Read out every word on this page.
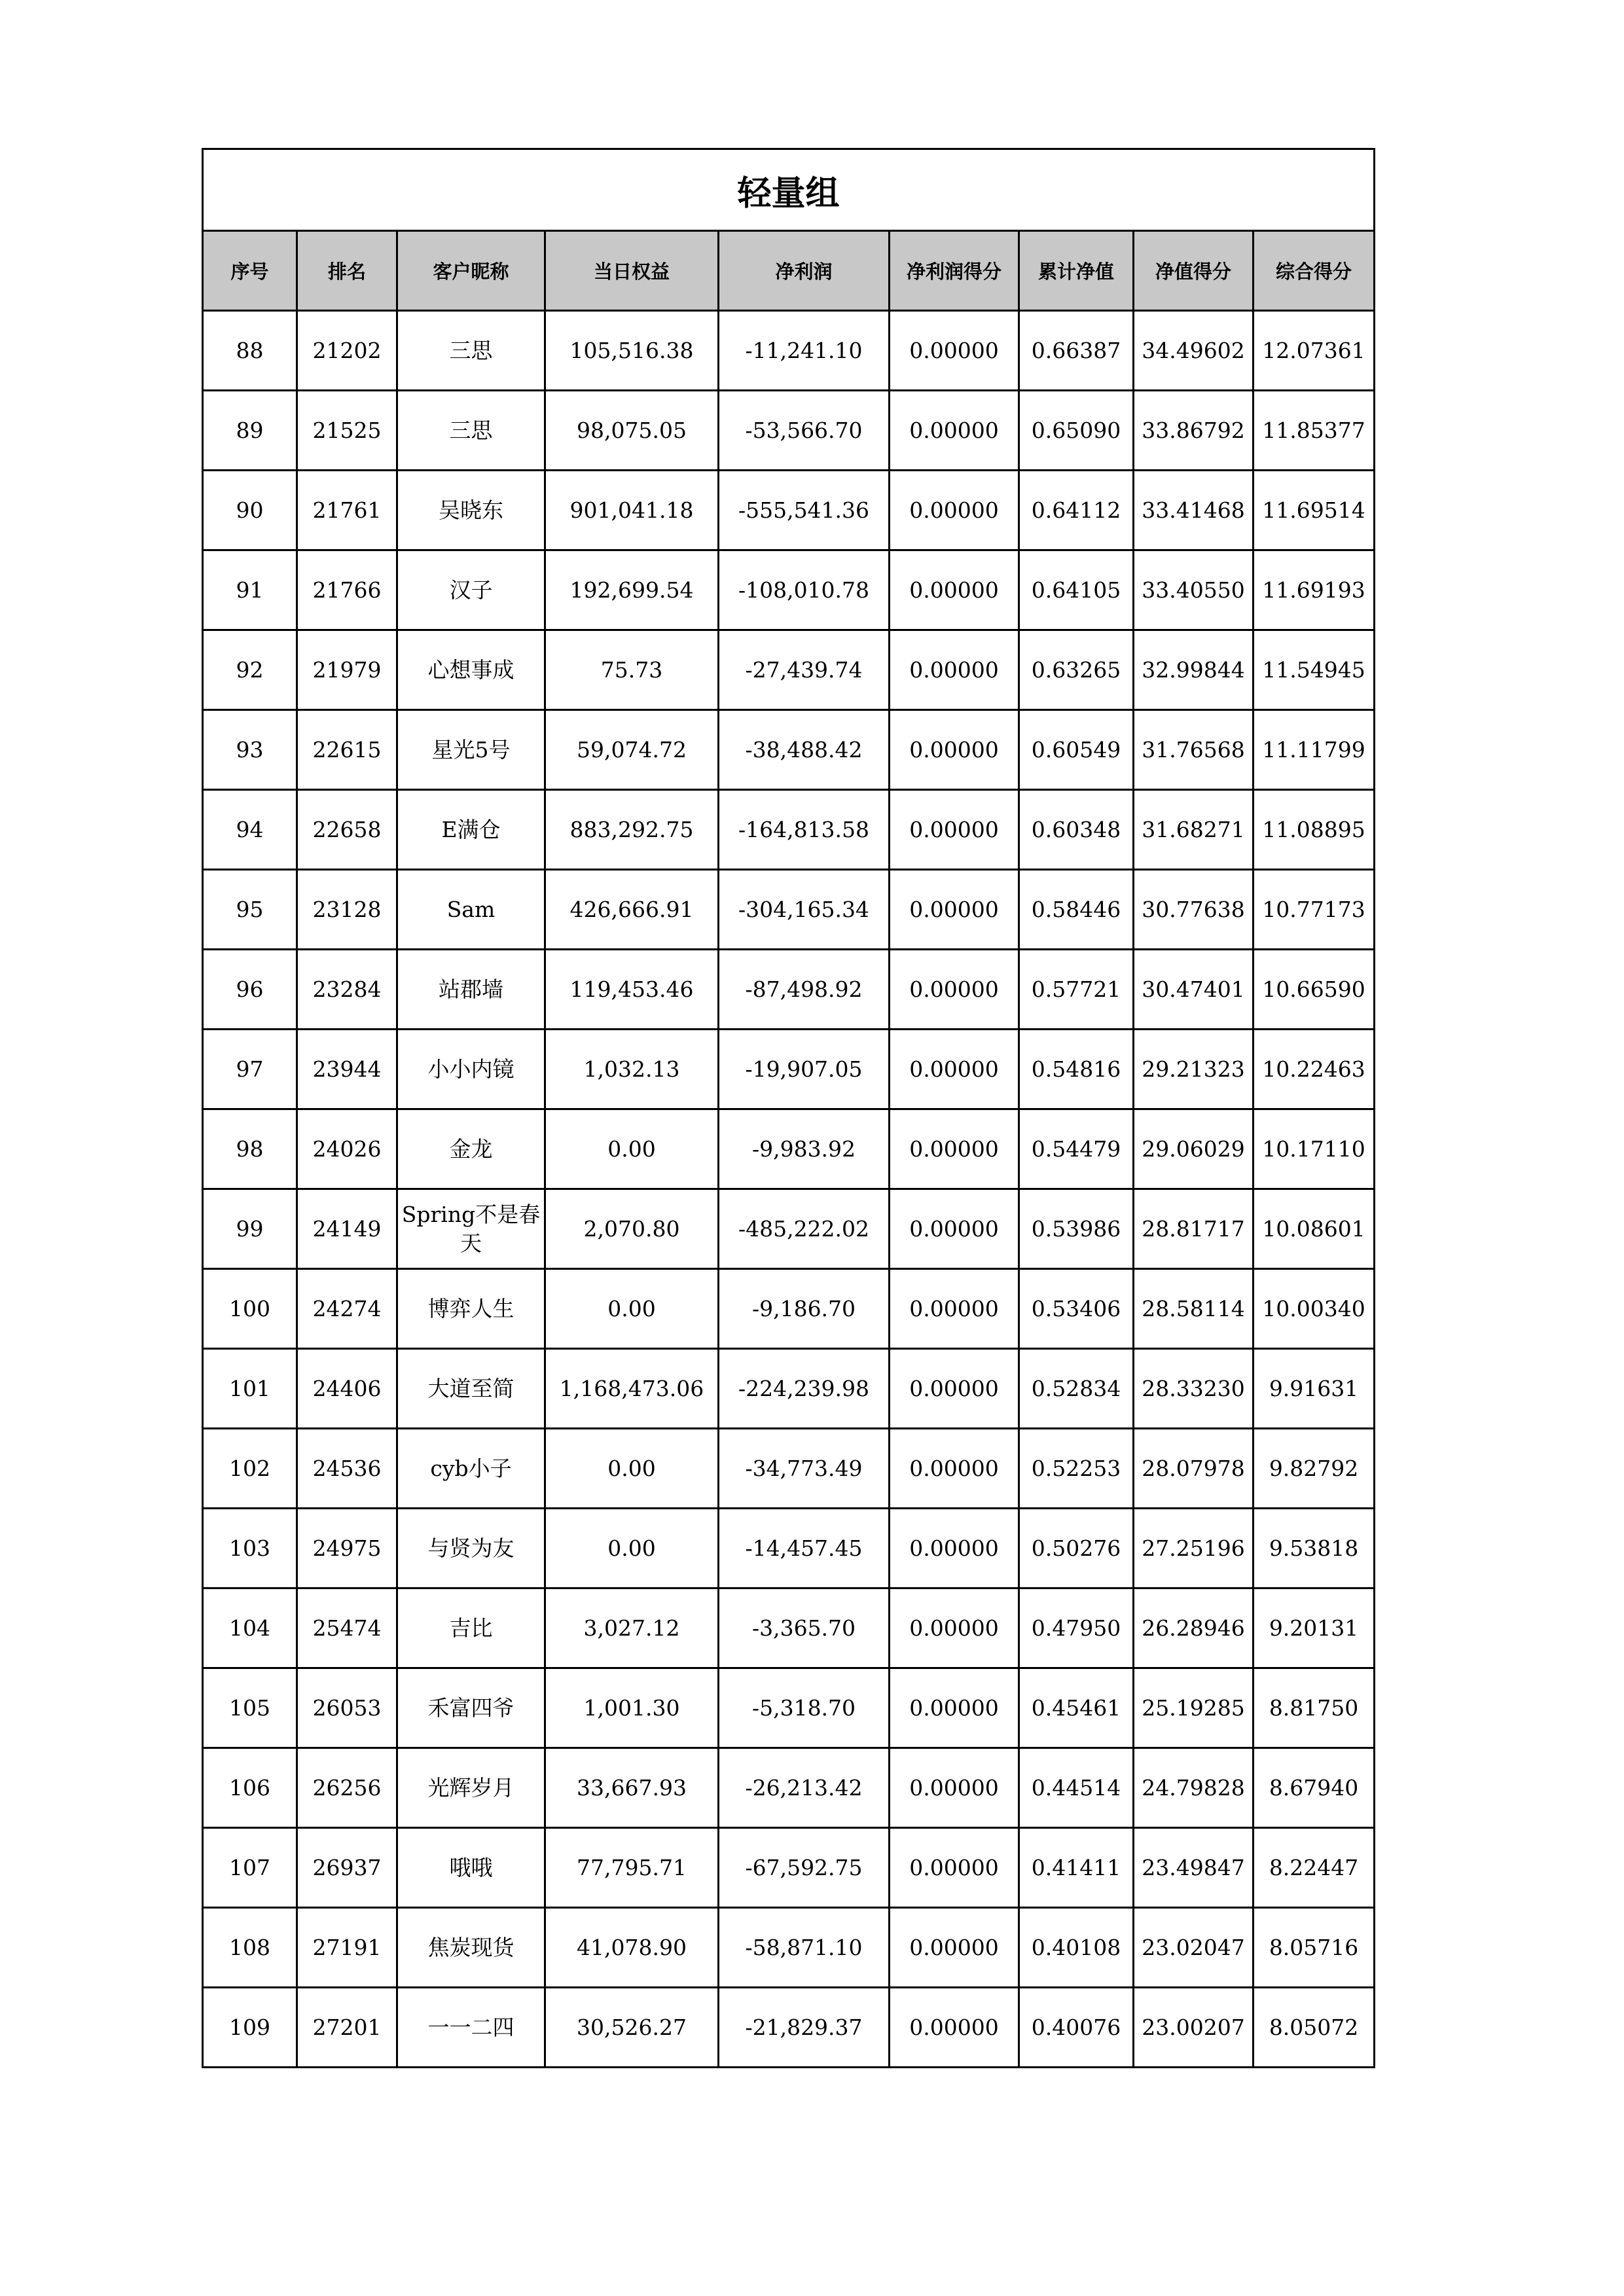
轻量组								
序号	排名	客户昵称	当日权益	净利润	净利润得分	累计净值	净值得分	综合得分
88	21202	三思	105,516.38	-11,241.10	0.00000	0.66387	34.49602	12.07361
89	21525	三思	98,075.05	-53,566.70	0.00000	0.65090	33.86792	11.85377
90	21761	吴晓东	901,041.18	-555,541.36	0.00000	0.64112	33.41468	11.69514
91	21766	汉子	192,699.54	-108,010.78	0.00000	0.64105	33.40550	11.69193
92	21979	心想事成	75.73	-27,439.74	0.00000	0.63265	32.99844	11.54945
93	22615	星光5号	59,074.72	-38,488.42	0.00000	0.60549	31.76568	11.11799
94	22658	E满仓	883,292.75	-164,813.58	0.00000	0.60348	31.68271	11.08895
95	23128	Sam	426,666.91	-304,165.34	0.00000	0.58446	30.77638	10.77173
96	23284	站郡墙	119,453.46	-87,498.92	0.00000	0.57721	30.47401	10.66590
97	23944	小小内镜	1,032.13	-19,907.05	0.00000	0.54816	29.21323	10.22463
98	24026	金龙	0.00	-9,983.92	0.00000	0.54479	29.06029	10.17110
99	24149	Spring不是春天	2,070.80	-485,222.02	0.00000	0.53986	28.81717	10.08601
100	24274	博弈人生	0.00	-9,186.70	0.00000	0.53406	28.58114	10.00340
101	24406	大道至简	1,168,473.06	-224,239.98	0.00000	0.52834	28.33230	9.91631
102	24536	cyb小子	0.00	-34,773.49	0.00000	0.52253	28.07978	9.82792
103	24975	与贤为友	0.00	-14,457.45	0.00000	0.50276	27.25196	9.53818
104	25474	吉比	3,027.12	-3,365.70	0.00000	0.47950	26.28946	9.20131
105	26053	禾富四爷	1,001.30	-5,318.70	0.00000	0.45461	25.19285	8.81750
106	26256	光辉岁月	33,667.93	-26,213.42	0.00000	0.44514	24.79828	8.67940
107	26937	哦哦	77,795.71	-67,592.75	0.00000	0.41411	23.49847	8.22447
108	27191	焦炭现货	41,078.90	-58,871.10	0.00000	0.40108	23.02047	8.05716
109	27201	一一二四	30,526.27	-21,829.37	0.00000	0.40076	23.00207	8.05072
